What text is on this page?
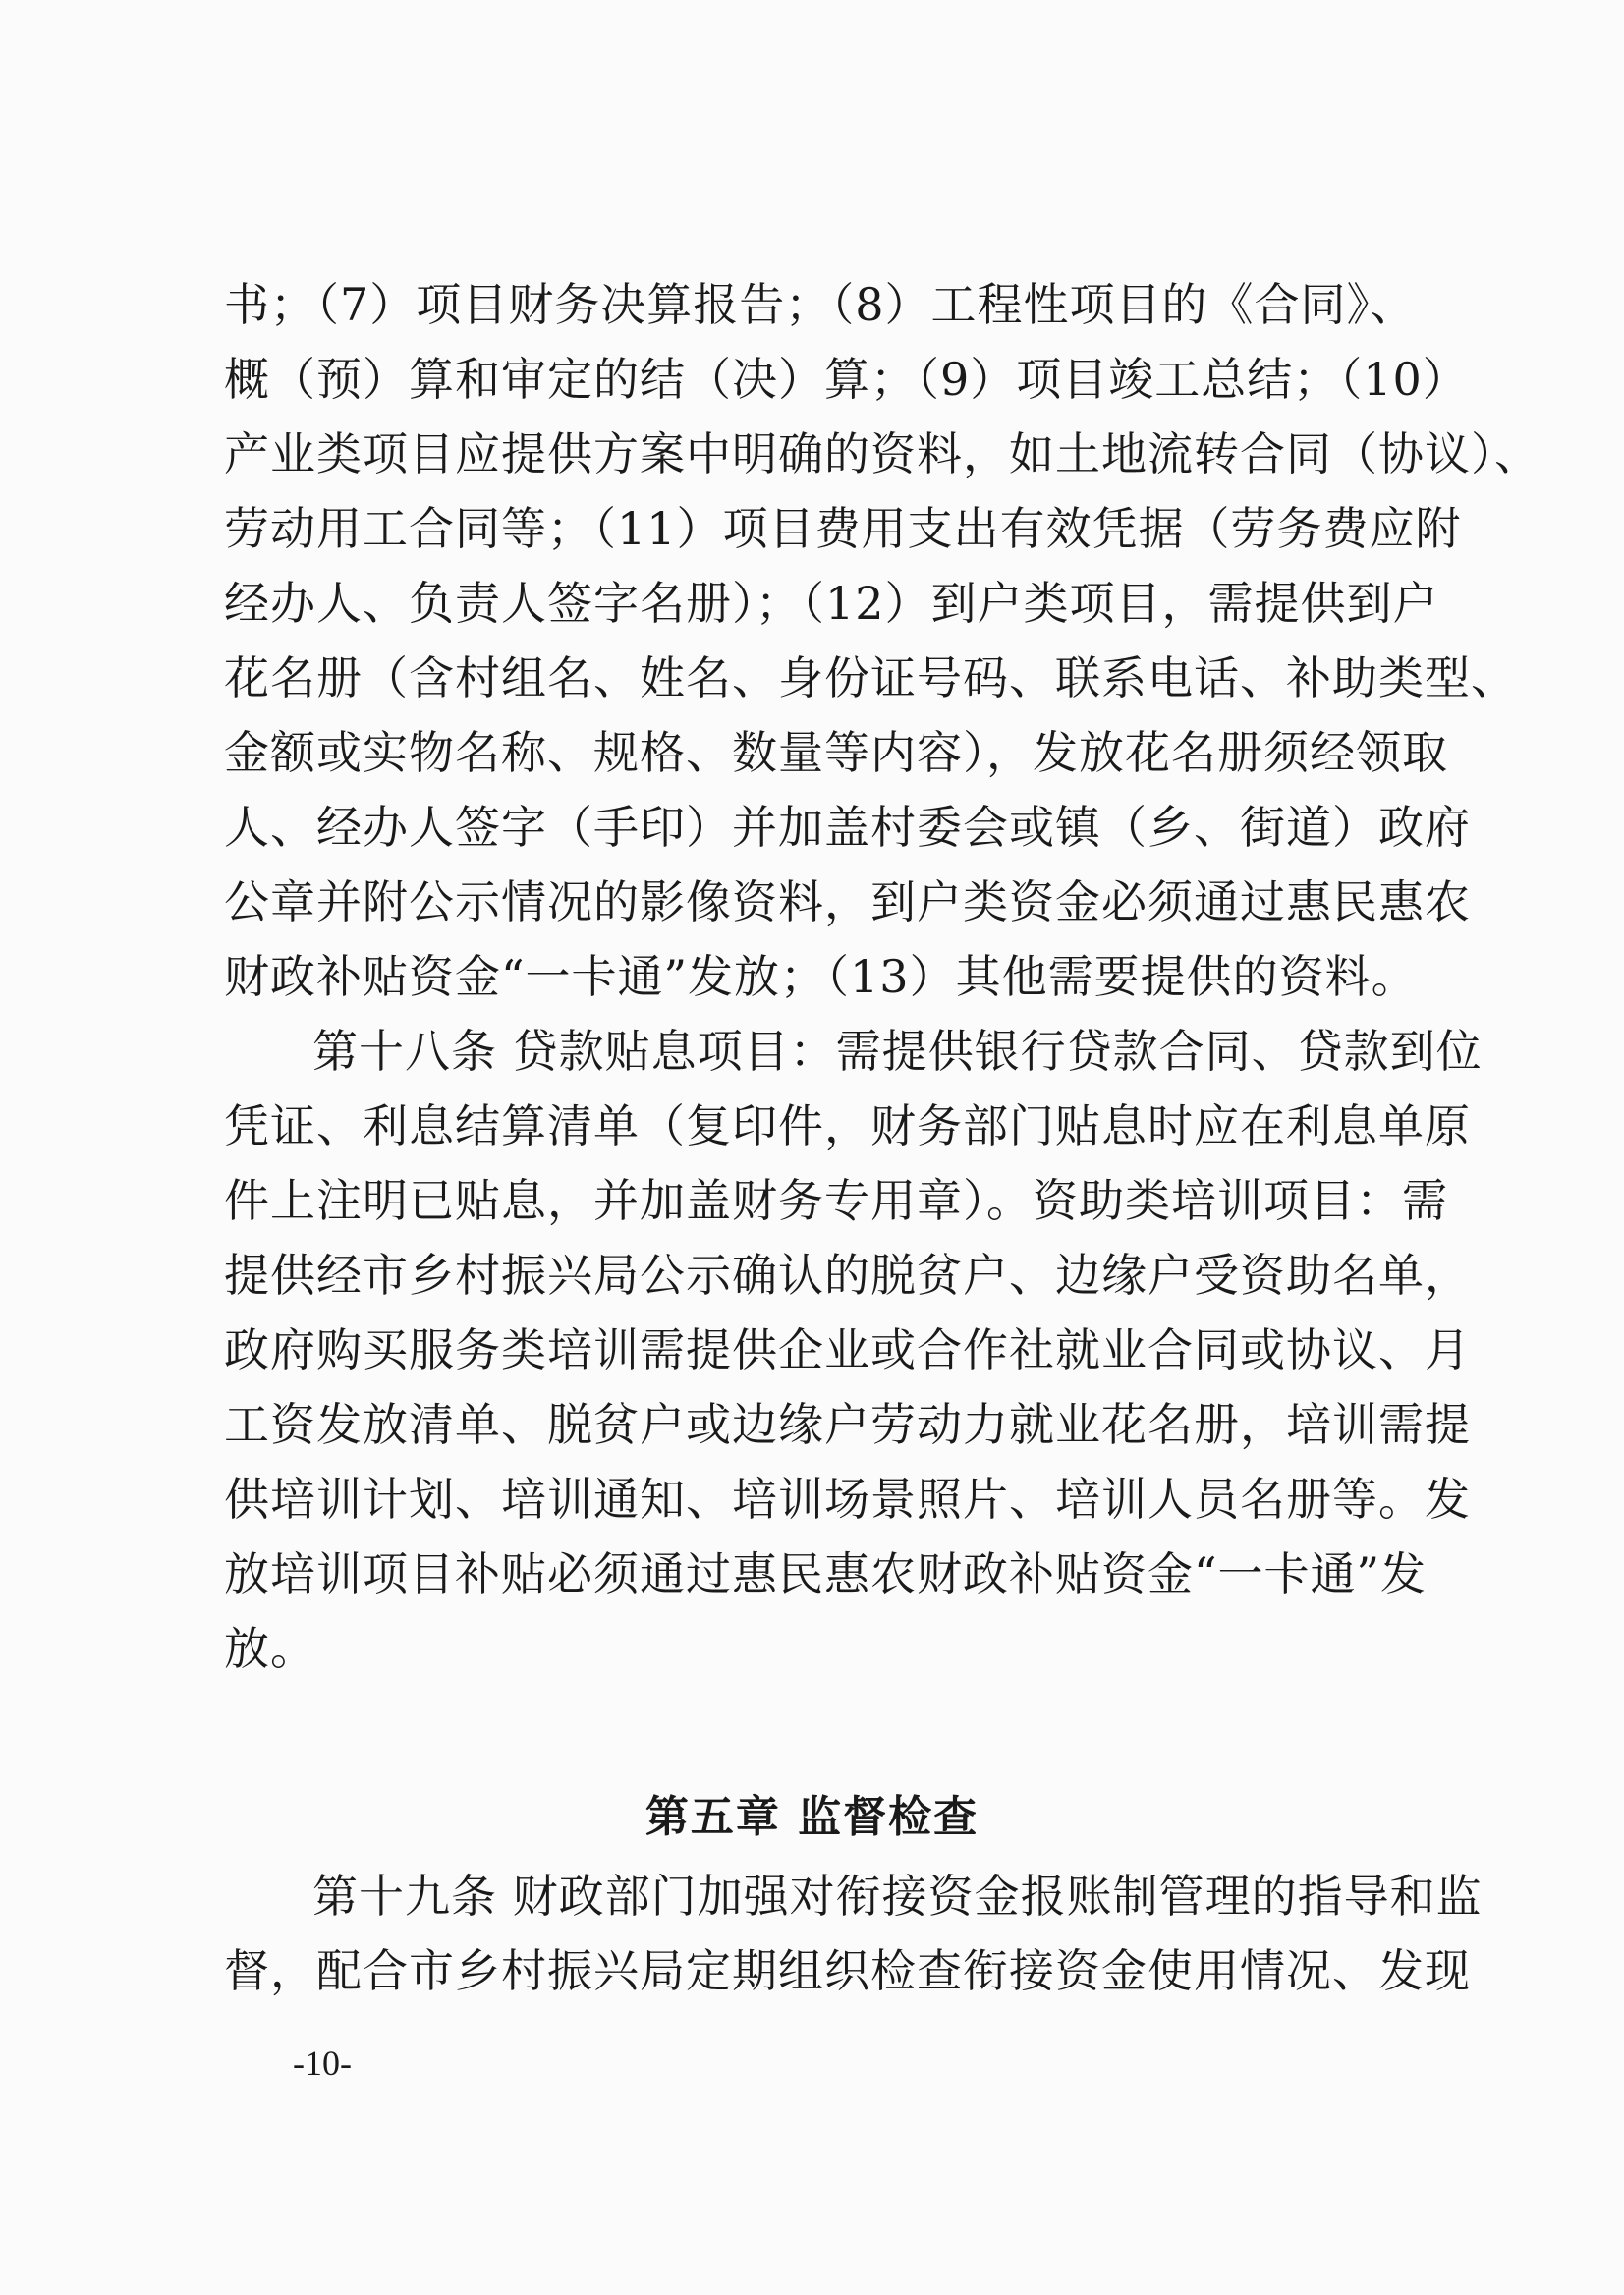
书；（7）项目财务决算报告；（8）工程性项目的《合同》、
概（预）算和审定的结（决）算；（9）项目竣工总结；（10）
产业类项目应提供方案中明确的资料，如土地流转合同（协议）、
劳动用工合同等；（11）项目费用支出有效凭据（劳务费应附
经办人、负责人签字名册）；（12）到户类项目，需提供到户
花名册（含村组名、姓名、身份证号码、联系电话、补助类型、
金额或实物名称、规格、数量等内容），发放花名册须经领取
人、经办人签字（手印）并加盖村委会或镇（乡、街道）政府
公章并附公示情况的影像资料，到户类资金必须通过惠民惠农
财政补贴资金“一卡通”发放；（13）其他需要提供的资料。
第十八条 贷款贴息项目：需提供银行贷款合同、贷款到位
凭证、利息结算清单（复印件，财务部门贴息时应在利息单原
件上注明已贴息，并加盖财务专用章）。资助类培训项目：需
提供经市乡村振兴局公示确认的脱贫户、边缘户受资助名单，
政府购买服务类培训需提供企业或合作社就业合同或协议、月
工资发放清单、脱贫户或边缘户劳动力就业花名册，培训需提
供培训计划、培训通知、培训场景照片、培训人员名册等。发
放培训项目补贴必须通过惠民惠农财政补贴资金“一卡通”发
放。
第五章 监督检查
第十九条 财政部门加强对衔接资金报账制管理的指导和监
督，配合市乡村振兴局定期组织检查衔接资金使用情况、发现
-10-
